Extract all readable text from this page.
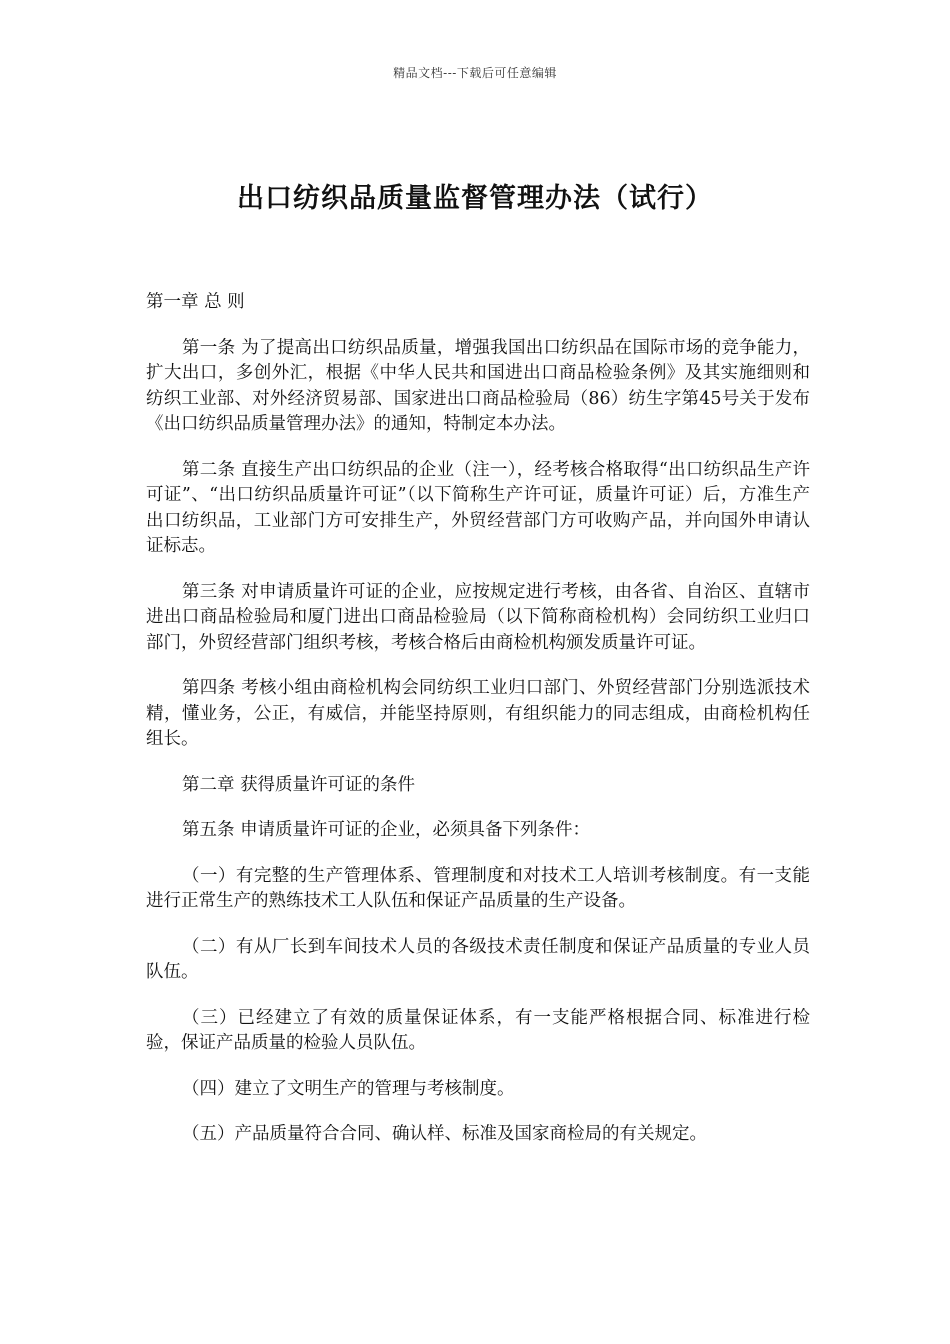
精品文档---下载后可任意编辑
出口纺织品质量监督管理办法（试行）

第一章 总 则

第一条 为了提高出口纺织品质量，增强我国出口纺织品在国际市场的竞争能力，扩大出口，多创外汇，根据《中华人民共和国进出口商品检验条例》及其实施细则和纺织工业部、对外经济贸易部、国家进出口商品检验局（86）纺生字第45号关于发布《出口纺织品质量管理办法》的通知，特制定本办法。

第二条 直接生产出口纺织品的企业（注一），经考核合格取得“出口纺织品生产许可证”、“出口纺织品质量许可证”（以下简称生产许可证，质量许可证）后，方准生产出口纺织品，工业部门方可安排生产，外贸经营部门方可收购产品，并向国外申请认证标志。

第三条 对申请质量许可证的企业，应按规定进行考核，由各省、自治区、直辖市进出口商品检验局和厦门进出口商品检验局（以下简称商检机构）会同纺织工业归口部门，外贸经营部门组织考核，考核合格后由商检机构颁发质量许可证。

第四条 考核小组由商检机构会同纺织工业归口部门、外贸经营部门分别选派技术精，懂业务，公正，有威信，并能坚持原则，有组织能力的同志组成，由商检机构任组长。

第二章 获得质量许可证的条件

第五条 申请质量许可证的企业，必须具备下列条件：

（一）有完整的生产管理体系、管理制度和对技术工人培训考核制度。有一支能进行正常生产的熟练技术工人队伍和保证产品质量的生产设备。

（二）有从厂长到车间技术人员的各级技术责任制度和保证产品质量的专业人员队伍。

（三）已经建立了有效的质量保证体系，有一支能严格根据合同、标准进行检验，保证产品质量的检验人员队伍。

（四）建立了文明生产的管理与考核制度。

（五）产品质量符合合同、确认样、标准及国家商检局的有关规定。
